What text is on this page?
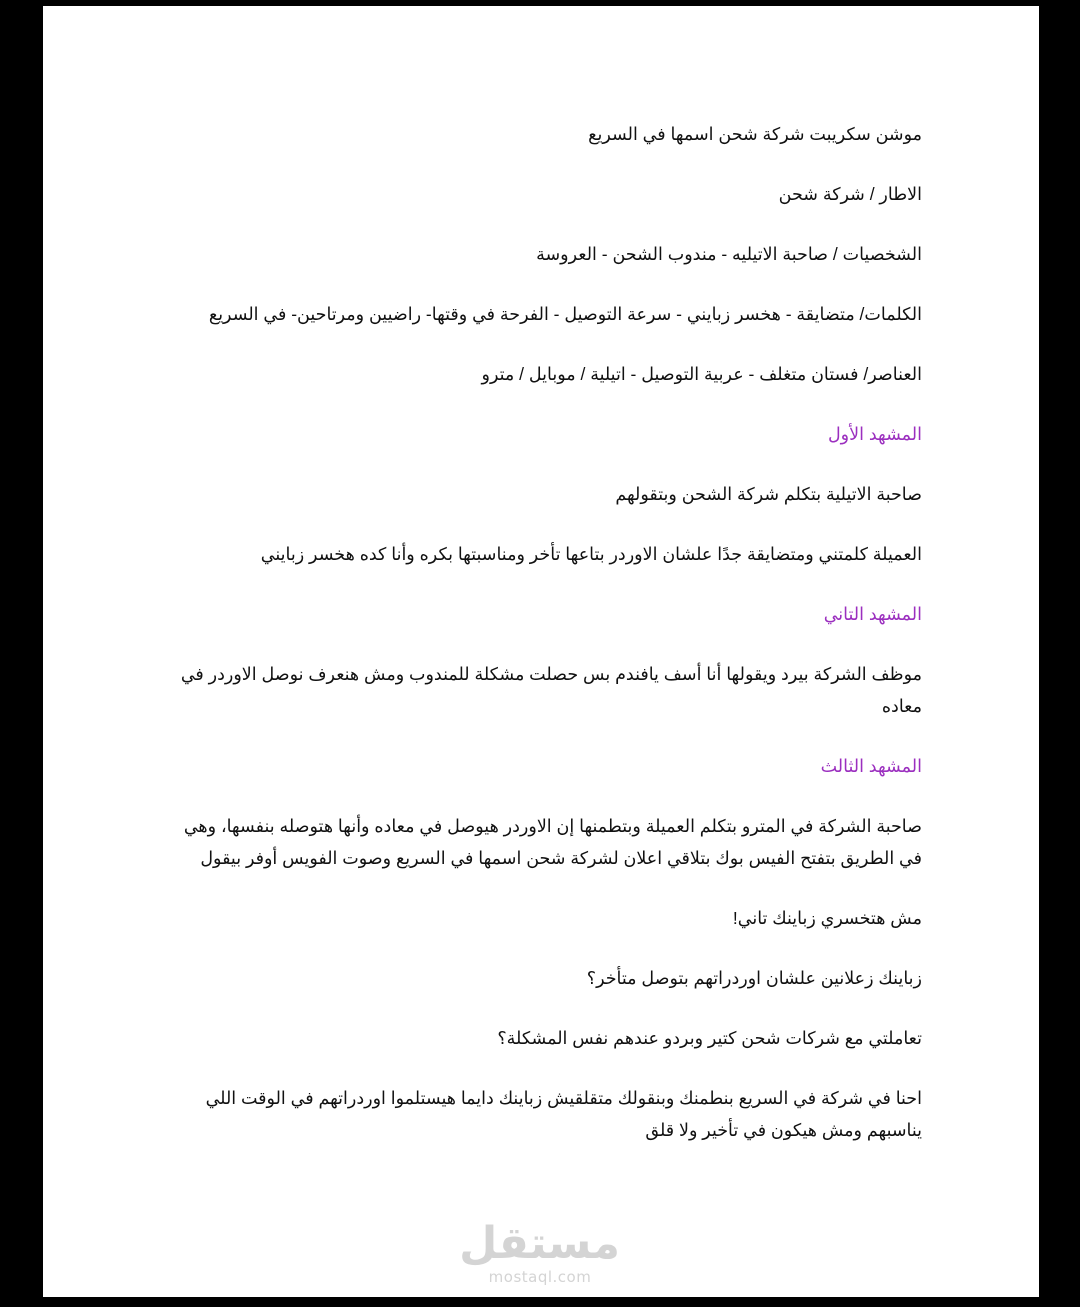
موشن سكريبت شركة شحن اسمها في السريع

الاطار / شركة شحن

الشخصيات / صاحبة الاتيليه - مندوب الشحن - العروسة

الكلمات/ متضايقة - هخسر زبايني - سرعة التوصيل - الفرحة في وقتها- راضيين ومرتاحين- في السريع

العناصر/ فستان متغلف - عربية التوصيل - اتيلية / موبايل / مترو

المشهد الأول

صاحبة الاتيلية بتكلم شركة الشحن وبتقولهم

العميلة كلمتني ومتضايقة جدًا علشان الاوردر بتاعها تأخر ومناسبتها بكره وأنا كده هخسر زبايني

المشهد التاني

موظف الشركة بيرد ويقولها أنا أسف يافندم بس حصلت مشكلة للمندوب ومش هنعرف نوصل الاوردر في معاده

المشهد الثالث

صاحبة الشركة في المترو بتكلم العميلة وبتطمنها إن الاوردر هيوصل في معاده وأنها هتوصله بنفسها، وهي في الطريق بتفتح الفيس بوك بتلاقي اعلان لشركة شحن اسمها في السريع وصوت الفويس أوفر بيقول

مش هتخسري زباينك تاني!

زباينك زعلانين علشان اوردراتهم بتوصل متأخر؟

تعاملتي مع شركات شحن كتير وبردو عندهم نفس المشكلة؟

احنا في شركة في السريع بنطمنك وبنقولك متقلقيش زباينك دايما هيستلموا اوردراتهم في الوقت اللي يناسبهم ومش هيكون في تأخير ولا قلق

مستقل
mostaql.com
